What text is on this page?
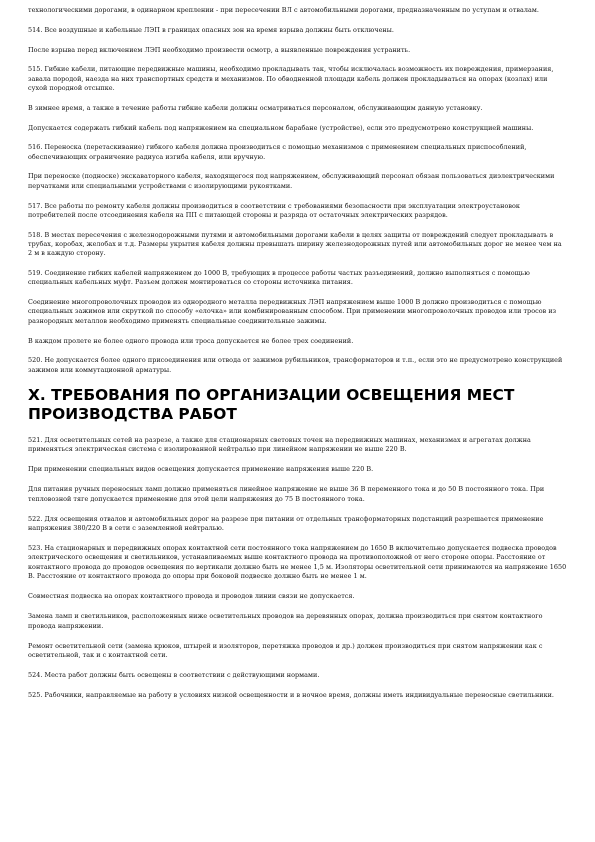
технологическими дорогами, в одинарном креплении - при пересечении ВЛ с автомобильными дорогами, предназначенным по уступам и отвалам.

514. Все воздушные и кабельные ЛЭП в границах опасных зон на время взрыва должны быть отключены.

После взрыва перед включением ЛЭП необходимо произвести осмотр, а выявленные повреждения устранить.

515. Гибкие кабели, питающие передвижные машины, необходимо прокладывать так, чтобы исключалась возможность их повреждения, примерзания, завала породой, наезда на них транспортных средств и механизмов. По обводненной площади кабель должен прокладываться на опорах (козлах) или сухой породной отсыпке.

В зимнее время, а также в течение работы гибкие кабели должны осматриваться персоналом, обслуживающим данную установку.

Допускается содержать гибкий кабель под напряжением на специальном барабане (устройстве), если это предусмотрено конструкцией машины.

516. Переноска (перетаскивание) гибкого кабеля должна производиться с помощью механизмов с применением специальных приспособлений, обеспечивающих ограничение радиуса изгиба кабеля, или вручную.

При переноске (подноске) экскаваторного кабеля, находящегося под напряжением, обслуживающий персонал обязан пользоваться диэлектрическими перчатками или специальными устройствами с изолирующими рукоятками.

517. Все работы по ремонту кабеля должны производиться в соответствии с требованиями безопасности при эксплуатации электроустановок потребителей после отсоединения кабеля на ПП с питающей стороны и разряда от остаточных электрических разрядов.

518. В местах пересечения с железнодорожными путями и автомобильными дорогами кабели в целях защиты от повреждений следует прокладывать в трубах, коробах, желобах и т.д. Размеры укрытия кабеля должны превышать ширину железнодорожных путей или автомобильных дорог не менее чем на 2 м в каждую сторону.

519. Соединение гибких кабелей напряжением до 1000 В, требующих в процессе работы частых разъединений, должно выполняться с помощью специальных кабельных муфт. Разъем должен монтироваться со стороны источника питания.

Соединение многопроволочных проводов из однородного металла передвижных ЛЭП напряжением выше 1000 В должно производиться с помощью специальных зажимов или скруткой по способу «елочка» или комбинированным способом. При применении многопроволочных проводов или тросов из разнородных металлов необходимо применять специальные соединительные зажимы.

В каждом пролете не более одного провода или троса допускается не более трех соединений.

520. Не допускается более одного присоединения или отвода от зажимов рубильников, трансформаторов и т.п., если это не предусмотрено конструкцией зажимов или коммутационной арматуры.

X. ТРЕБОВАНИЯ ПО ОРГАНИЗАЦИИ ОСВЕЩЕНИЯ МЕСТ ПРОИЗВОДСТВА РАБОТ

521. Для осветительных сетей на разрезе, а также для стационарных световых точек на передвижных машинах, механизмах и агрегатах должна применяться электрическая система с изолированной нейтралью при линейном напряжении не выше 220 В.

При применении специальных видов освещения допускается применение напряжения выше 220 В.

Для питания ручных переносных ламп должно применяться линейное напряжение не выше 36 В переменного тока и до 50 В постоянного тока. При тепловозной тяге допускается применение для этой цели напряжения до 75 В постоянного тока.

522. Для освещения отвалов и автомобильных дорог на разрезе при питании от отдельных трансформаторных подстанций разрешается применение напряжения 380/220 В в сети с заземленной нейтралью.

523. На стационарных и передвижных опорах контактной сети постоянного тока напряжением до 1650 В включительно допускается подвеска проводов электрического освещения и светильников, устанавливаемых выше контактного провода на противоположной от него стороне опоры. Расстояние от контактного провода до проводов освещения по вертикали должно быть не менее 1,5 м. Изоляторы осветительной сети принимаются на напряжение 1650 В. Расстояние от контактного провода до опоры при боковой подвеске должно быть не менее 1 м.

Совместная подвеска на опорах контактного провода и проводов линии связи не допускается.

Замена ламп и светильников, расположенных ниже осветительных проводов на деревянных опорах, должна производиться при снятом контактного провода напряжении.

Ремонт осветительной сети (замена крюков, штырей и изоляторов, перетяжка проводов и др.) должен производиться при снятом напряжении как с осветительной, так и с контактной сети.

524. Места работ должны быть освещены в соответствии с действующими нормами.

525. Рабочники, направляемые на работу в условиях низкой освещенности и в ночное время, должны иметь индивидуальные переносные светильники.
